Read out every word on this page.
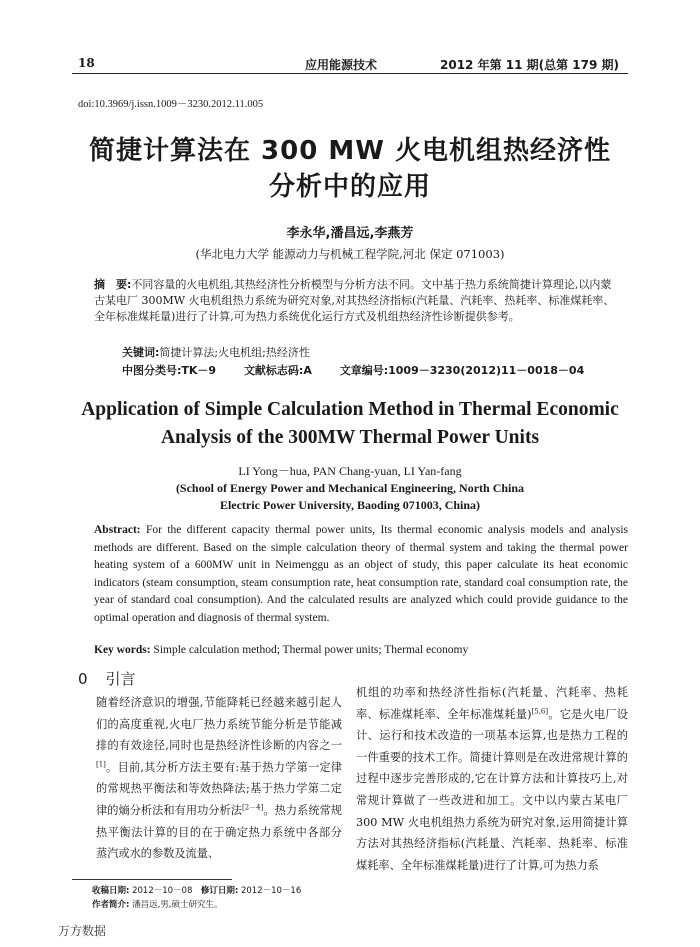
18	应用能源技术	2012 年第 11 期(总第 179 期)
doi:10.3969/j.issn.1009－3230.2012.11.005
简捷计算法在 300 MW 火电机组热经济性
分析中的应用
李永华,潘昌远,李燕芳
(华北电力大学 能源动力与机械工程学院,河北 保定 071003)
摘　要:不同容量的火电机组,其热经济性分析模型与分析方法不同。文中基于热力系统简捷计算理论,以内蒙古某电厂 300MW 火电机组热力系统为研究对象,对其热经济指标(汽耗量、汽耗率、热耗率、标准煤耗率、全年标准煤耗量)进行了计算,可为热力系统优化运行方式及机组热经济性诊断提供参考。
关键词:简捷计算法;火电机组;热经济性
中图分类号:TK－9	文献标志码:A	文章编号:1009－3230(2012)11－0018－04
Application of Simple Calculation Method in Thermal Economic
Analysis of the 300MW Thermal Power Units
LI Yong－hua, PAN Chang-yuan, LI Yan-fang
(School of Energy Power and Mechanical Engineering, North China
Electric Power University, Baoding 071003, China)
Abstract: For the different capacity thermal power units, Its thermal economic analysis models and analysis methods are different. Based on the simple calculation theory of thermal system and taking the thermal power heating system of a 600MW unit in Neimenggu as an object of study, this paper calculate its heat economic indicators (steam consumption, steam consumption rate, heat consumption rate, standard coal consumption rate, the year of standard coal consumption). And the calculated results are analyzed which could provide guidance to the optimal operation and diagnosis of thermal system.
Key words: Simple calculation method; Thermal power units; Thermal economy
0 引言
随着经济意识的增强,节能降耗已经越来越引起人们的高度重视,火电厂热力系统节能分析是节能减排的有效途径,同时也是热经济性诊断的内容之一[1]。目前,其分析方法主要有:基于热力学第一定律的常规热平衡法和等效热降法;基于热力学第二定律的熵分析法和有用功分析法[2－4]。热力系统常规热平衡法计算的目的在于确定热力系统中各部分蒸汽或水的参数及流量、
机组的功率和热经济性指标(汽耗量、汽耗率、热耗率、标准煤耗率、全年标准煤耗量)[5,6]。它是火电厂设计、运行和技术改造的一项基本运算,也是热力工程的一件重要的技术工作。简捷计算则是在改进常规计算的过程中逐步完善形成的,它在计算方法和计算技巧上,对常规计算做了一些改进和加工。文中以内蒙古某电厂 300 MW 火电机组热力系统为研究对象,运用简捷计算方法对其热经济指标(汽耗量、汽耗率、热耗率、标准煤耗率、全年标准煤耗量)进行了计算,可为热力系
收稿日期: 2012－10－08　修订日期: 2012－10－16
作者简介: 潘昌远,男,硕士研究生。
万方数据
